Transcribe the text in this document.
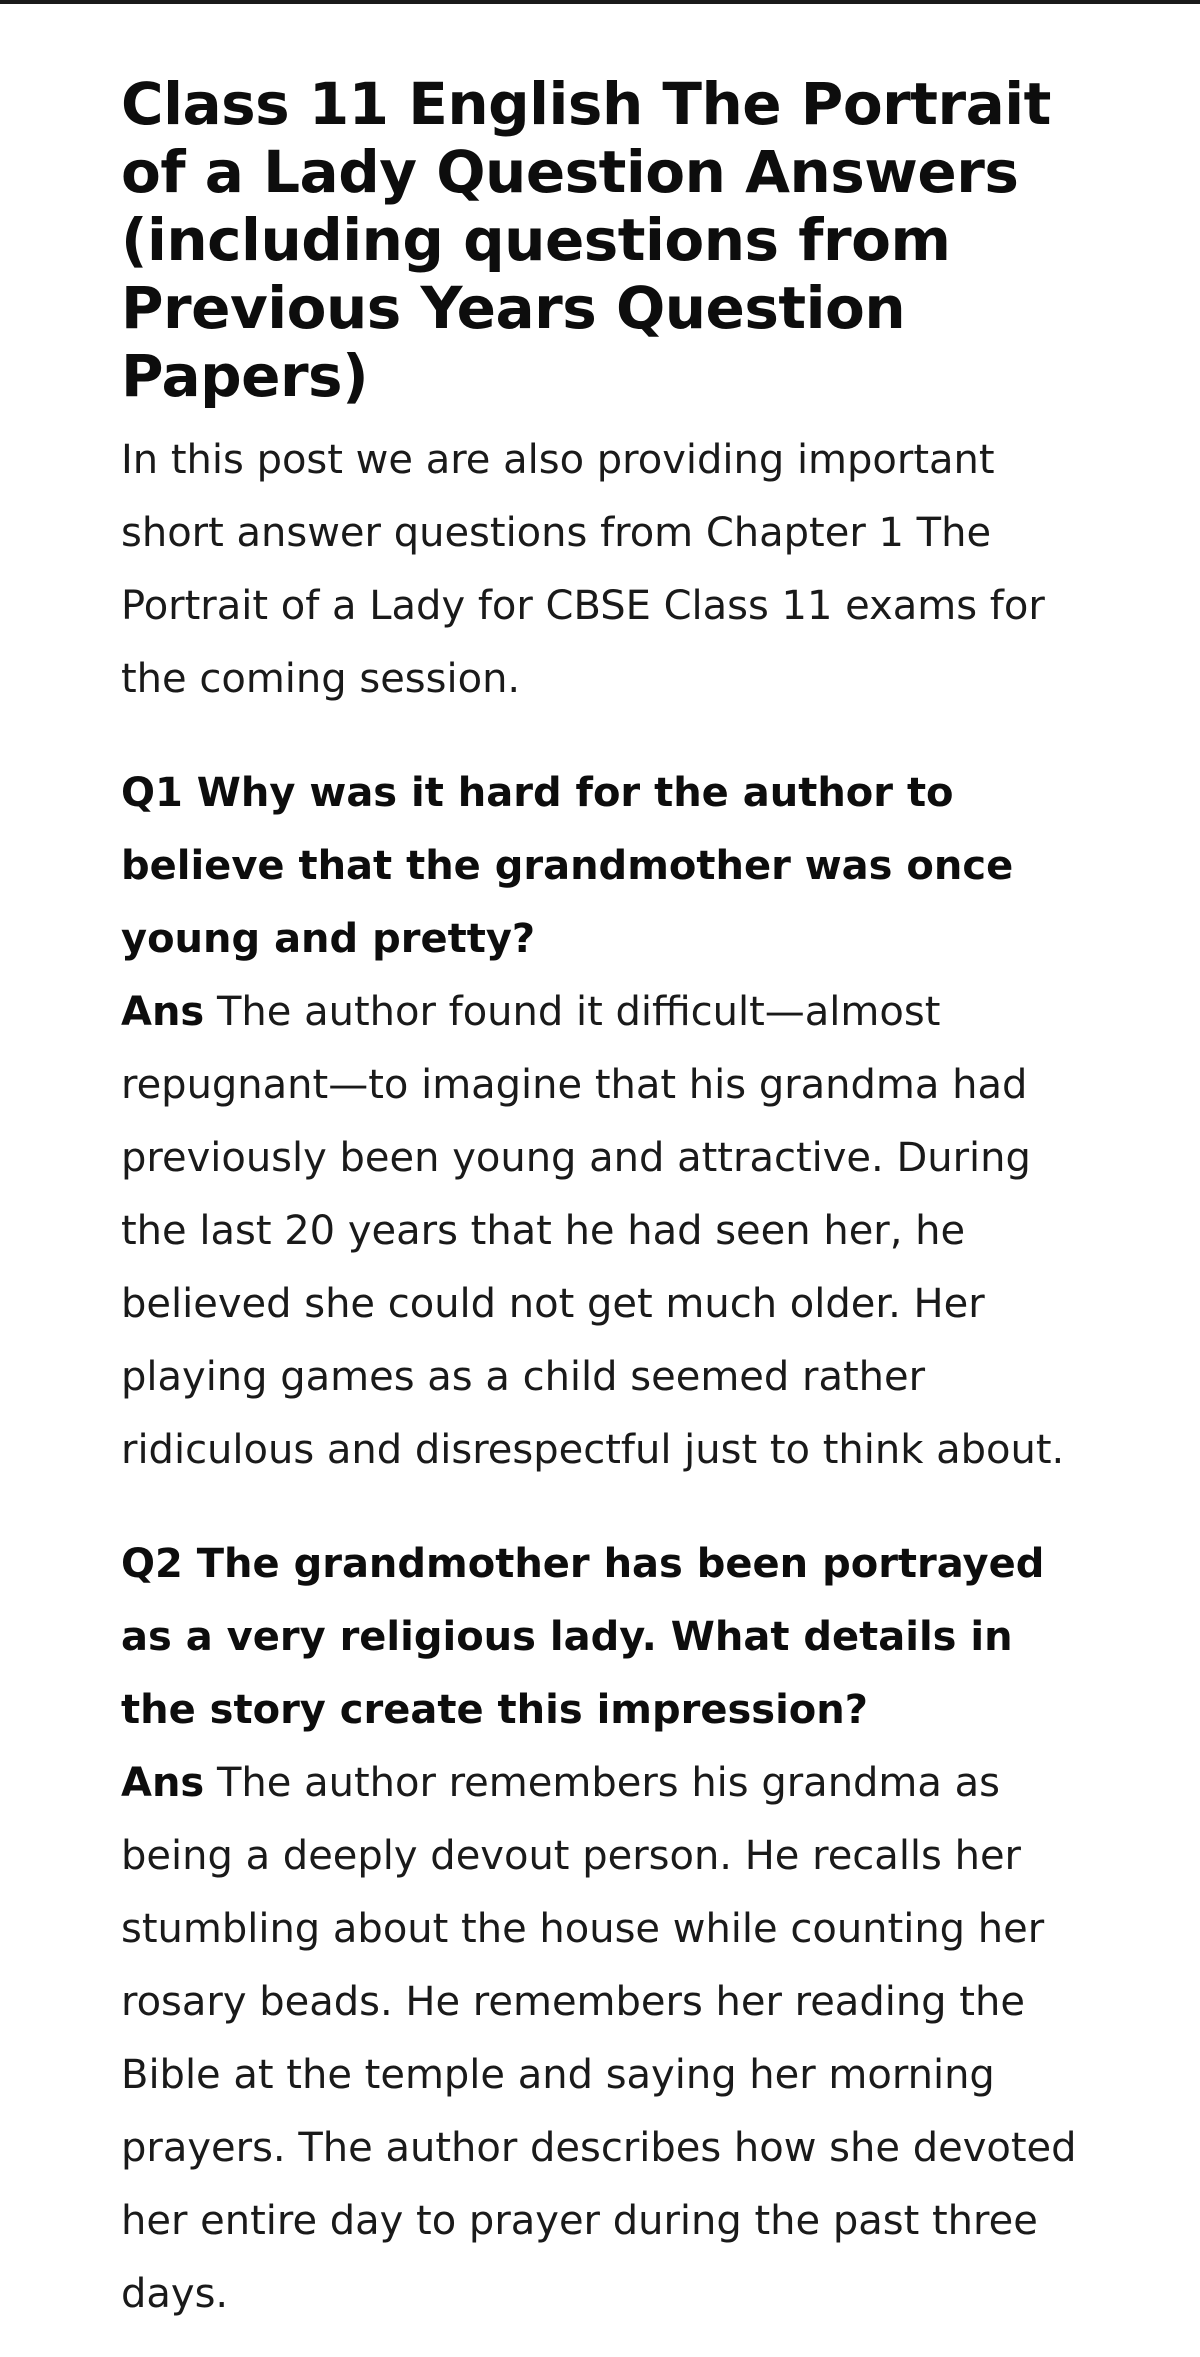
Class 11 English The Portrait of a Lady Question Answers (including questions from Previous Years Question Papers)

In this post we are also providing important short answer questions from Chapter 1 The Portrait of a Lady for CBSE Class 11 exams for the coming session.

Q1 Why was it hard for the author to believe that the grandmother was once young and pretty?

Ans The author found it difficult—almost repugnant—to imagine that his grandma had previously been young and attractive. During the last 20 years that he had seen her, he believed she could not get much older. Her playing games as a child seemed rather ridiculous and disrespectful just to think about.

Q2 The grandmother has been portrayed as a very religious lady. What details in the story create this impression?

Ans The author remembers his grandma as being a deeply devout person. He recalls her stumbling about the house while counting her rosary beads. He remembers her reading the Bible at the temple and saying her morning prayers. The author describes how she devoted her entire day to prayer during the past three days.
